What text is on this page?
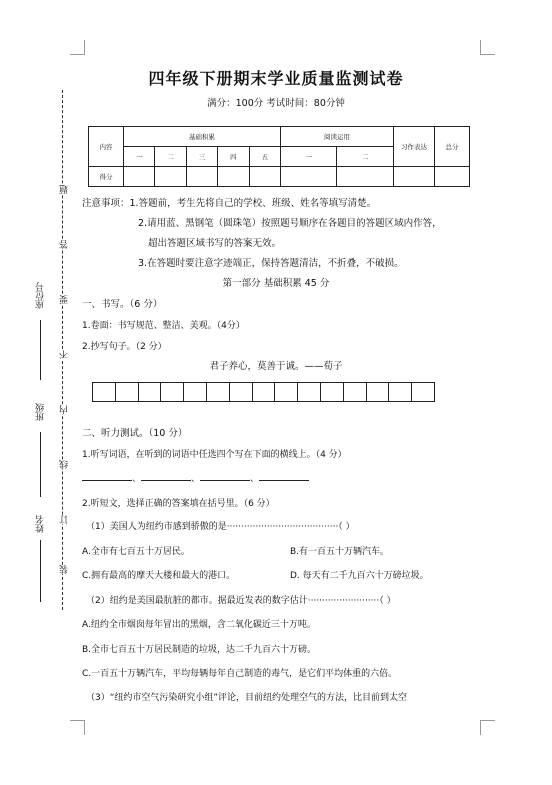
装
订
线
内
不
要
答
题
座位号
班级
姓名
四年级下册期末学业质量监测试卷
满分：100分 考试时间：80分钟
内容	基础积累					阅读运用		习作表达	总分
	一	二	三	四	五	一	二		
得分									
注意事项：1.答题前，考生先将自己的学校、班级、姓名等填写清楚。
2.请用蓝、黑钢笔（圆珠笔）按照题号顺序在各题目的答题区域内作答，
超出答题区域书写的答案无效。
3.在答题时要注意字迹端正，保持答题清洁，不折叠，不破损。
第一部分 基础积累 45 分
一、书写。（6 分）
1.卷面：书写规范、整洁、美观。（4分）
2.抄写句子。（2 分）
君子养心，莫善于诚。——荀子
二、听力测试。（10 分）
1.听写词语，在听到的词语中任选四个写在下面的横线上。（4 分）
、	、	、
2.听短文，选择正确的答案填在括号里。（6 分）
（1）美国人为纽约市感到骄傲的是·······································（ ）
A.全市有七百五十万居民。	B.有一百五十万辆汽车。
C.拥有最高的摩天大楼和最大的港口。	D. 每天有二千九百六十万磅垃圾。
（2）纽约是美国最肮脏的都市。据最近发表的数字估计·························（ ）
A.纽约全市烟囱每年冒出的黑烟，含二氧化碳近三十万吨。
B.全市七百五十万居民制造的垃圾，达二千九百六十万磅。
C.一百五十万辆汽车，平均每辆每年自己制造的毒气，是它们平均体重的六倍。
（3）“纽约市空气污染研究小组”评论，目前纽约处理空气的方法，比目前到太空
